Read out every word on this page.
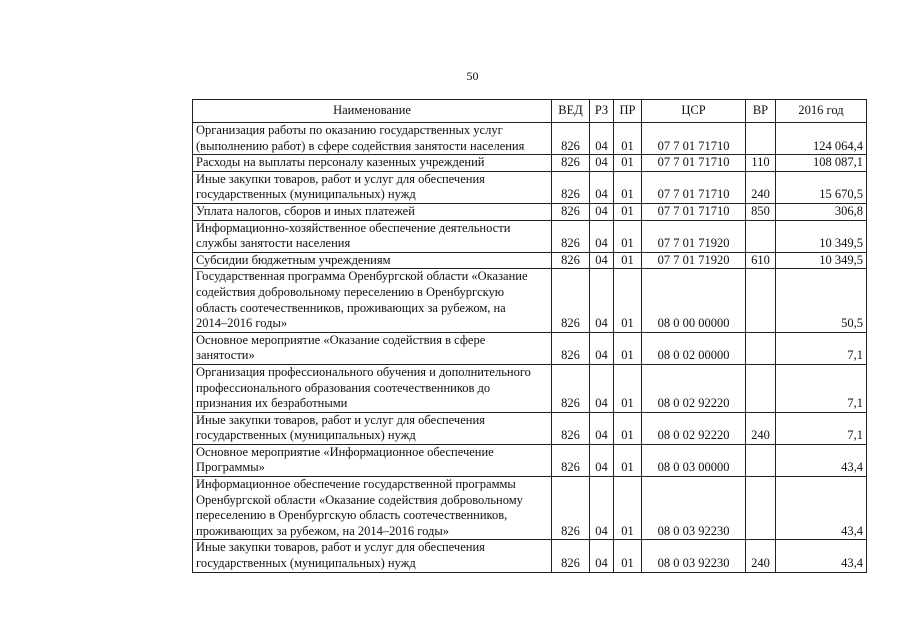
50
Наименование	ВЕД	РЗ	ПР	ЦСР	ВР	2016 год

Организация работы по оказанию государственных услуг
(выполнению работ) в сфере содействия занятости населения	826	04	01	07 7 01 71710		124 064,4

Расходы на выплаты персоналу казенных учреждений	826	04	01	07 7 01 71710	110	108 087,1

Иные закупки товаров, работ и услуг для обеспечения
государственных (муниципальных) нужд	826	04	01	07 7 01 71710	240	15 670,5

Уплата налогов, сборов и иных платежей	826	04	01	07 7 01 71710	850	306,8

Информационно-хозяйственное обеспечение деятельности
службы занятости населения	826	04	01	07 7 01 71920		10 349,5

Субсидии бюджетным учреждениям	826	04	01	07 7 01 71920	610	10 349,5

Государственная программа Оренбургской области «Оказание
содействия добровольному переселению в Оренбургскую
область соотечественников, проживающих за рубежом, на
2014–2016 годы»	826	04	01	08 0 00 00000		50,5

Основное мероприятие «Оказание содействия в сфере
занятости»	826	04	01	08 0 02 00000		7,1

Организация профессионального обучения и дополнительного
профессионального образования соотечественников до
признания их безработными	826	04	01	08 0 02 92220		7,1

Иные закупки товаров, работ и услуг для обеспечения
государственных (муниципальных) нужд	826	04	01	08 0 02 92220	240	7,1

Основное мероприятие «Информационное обеспечение
Программы»	826	04	01	08 0 03 00000		43,4

Информационное обеспечение государственной программы
Оренбургской области «Оказание содействия добровольному
переселению в Оренбургскую область соотечественников,
проживающих за рубежом, на 2014–2016 годы»	826	04	01	08 0 03 92230		43,4

Иные закупки товаров, работ и услуг для обеспечения
государственных (муниципальных) нужд	826	04	01	08 0 03 92230	240	43,4
